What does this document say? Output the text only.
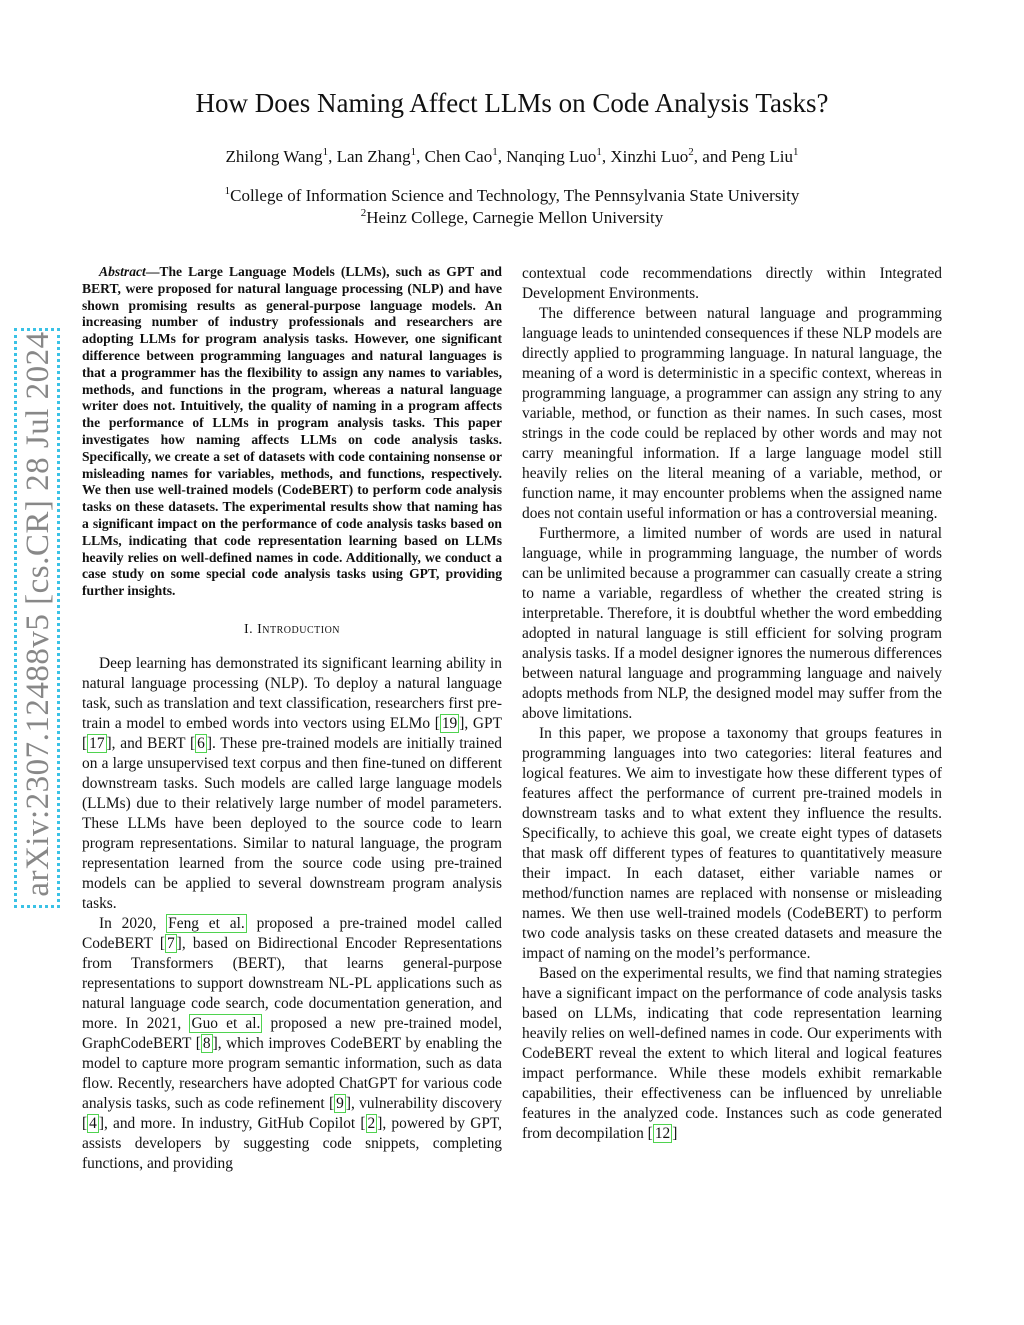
arXiv:2307.12488v5 [cs.CR] 28 Jul 2024
How Does Naming Affect LLMs on Code Analysis Tasks?
Zhilong Wang$^1$, Lan Zhang$^1$, Chen Cao$^1$, Nanqing Luo$^1$, Xinzhi Luo$^2$, and Peng Liu$^1$
$^1$College of Information Science and Technology, The Pennsylvania State University
$^2$Heinz College, Carnegie Mellon University

Abstract—The Large Language Models (LLMs), such as GPT and BERT, were proposed for natural language processing (NLP) and have shown promising results as general-purpose language models. An increasing number of industry professionals and researchers are adopting LLMs for program analysis tasks. However, one significant difference between programming languages and natural languages is that a programmer has the flexibility to assign any names to variables, methods, and functions in the program, whereas a natural language writer does not. Intuitively, the quality of naming in a program affects the performance of LLMs in program analysis tasks. This paper investigates how naming affects LLMs on code analysis tasks. Specifically, we create a set of datasets with code containing nonsense or misleading names for variables, methods, and functions, respectively. We then use well-trained models (CodeBERT) to perform code analysis tasks on these datasets. The experimental results show that naming has a significant impact on the performance of code analysis tasks based on LLMs, indicating that code representation learning based on LLMs heavily relies on well-defined names in code. Additionally, we conduct a case study on some special code analysis tasks using GPT, providing further insights.

I. Introduction

Deep learning has demonstrated its significant learning ability in natural language processing (NLP). To deploy a natural language task, such as translation and text classification, researchers first pre-train a model to embed words into vectors using ELMo [ 19 ], GPT [ 17 ], and BERT [ 6 ]. These pre-trained models are initially trained on a large unsupervised text corpus and then fine-tuned on different downstream tasks. Such models are called large language models (LLMs) due to their relatively large number of model parameters. These LLMs have been deployed to the source code to learn program representations. Similar to natural language, the program representation learned from the source code using pre-trained models can be applied to several downstream program analysis tasks.

In 2020, Feng et al. proposed a pre-trained model called CodeBERT [ 7 ], based on Bidirectional Encoder Representations from Transformers (BERT), that learns general-purpose representations to support downstream NL-PL applications such as natural language code search, code documentation generation, and more. In 2021, Guo et al. proposed a new pre-trained model, GraphCodeBERT [ 8 ], which improves CodeBERT by enabling the model to capture more program semantic information, such as data flow. Recently, researchers have adopted ChatGPT for various code analysis tasks, such as code refinement [ 9 ], vulnerability discovery [ 4 ], and more. In industry, GitHub Copilot [ 2 ], powered by GPT, assists developers by suggesting code snippets, completing functions, and providing

contextual code recommendations directly within Integrated Development Environments.

The difference between natural language and programming language leads to unintended consequences if these NLP models are directly applied to programming language. In natural language, the meaning of a word is deterministic in a specific context, whereas in programming language, a programmer can assign any string to any variable, method, or function as their names. In such cases, most strings in the code could be replaced by other words and may not carry meaningful information. If a large language model still heavily relies on the literal meaning of a variable, method, or function name, it may encounter problems when the assigned name does not contain useful information or has a controversial meaning.

Furthermore, a limited number of words are used in natural language, while in programming language, the number of words can be unlimited because a programmer can casually create a string to name a variable, regardless of whether the created string is interpretable. Therefore, it is doubtful whether the word embedding adopted in natural language is still efficient for solving program analysis tasks. If a model designer ignores the numerous differences between natural language and programming language and naively adopts methods from NLP, the designed model may suffer from the above limitations.

In this paper, we propose a taxonomy that groups features in programming languages into two categories: literal features and logical features. We aim to investigate how these different types of features affect the performance of current pre-trained models in downstream tasks and to what extent they influence the results. Specifically, to achieve this goal, we create eight types of datasets that mask off different types of features to quantitatively measure their impact. In each dataset, either variable names or method/function names are replaced with nonsense or misleading names. We then use well-trained models (CodeBERT) to perform two code analysis tasks on these created datasets and measure the impact of naming on the model’s performance.

Based on the experimental results, we find that naming strategies have a significant impact on the performance of code analysis tasks based on LLMs, indicating that code representation learning heavily relies on well-defined names in code. Our experiments with CodeBERT reveal the extent to which literal and logical features impact performance. While these models exhibit remarkable capabilities, their effectiveness can be influenced by unreliable features in the analyzed code. Instances such as code generated from decompilation [ 12 ]
